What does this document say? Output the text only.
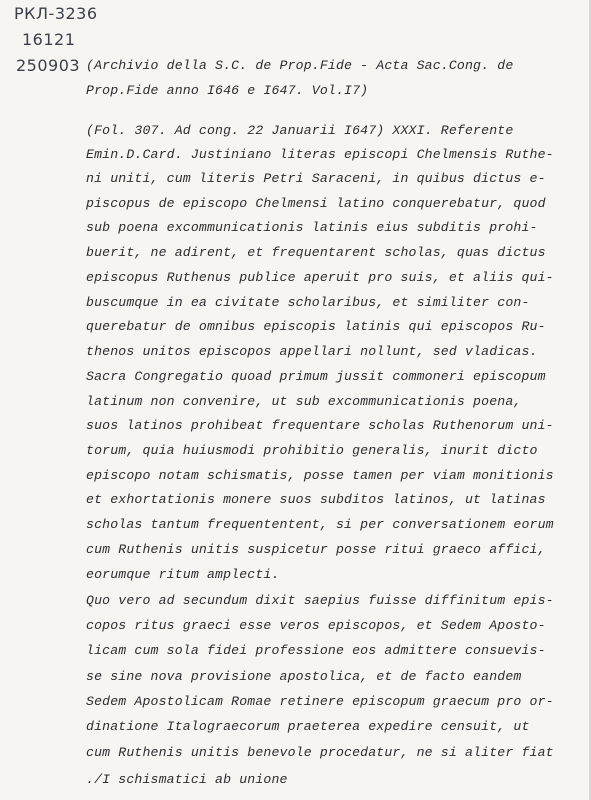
РКЛ-3236
16121
250903 (Archivio della S.C. de Prop.Fide - Acta Sac.Cong. de
Prop.Fide anno I646 e I647. Vol.I7)
(Fol. 307. Ad cong. 22 Januarii I647) XXXI. Referente
Emin.D.Card. Justiniano literas episcopi Chelmensis Ruthe-
ni uniti, cum literis Petri Saraceni, in quibus dictus e-
piscopus de episcopo Chelmensi latino conquerebatur, quod
sub poena excommunicationis latinis eius subditis prohi-
buerit, ne adirent, et frequentarent scholas, quas dictus
episcopus Ruthenus publice aperuit pro suis, et aliis qui-
buscumque in ea civitate scholaribus, et similiter con-
querebatur de omnibus episcopis latinis qui episcopos Ru-
thenos unitos episcopos appellari nollunt, sed vladicas.
Sacra Congregatio quoad primum jussit commoneri episcopum
latinum non convenire, ut sub excommunicationis poena,
suos latinos prohibeat frequentare scholas Ruthenorum uni-
torum, quia huiusmodi prohibitio generalis, inurit dicto
episcopo notam schismatis, posse tamen per viam monitionis
et exhortationis monere suos subditos latinos, ut latinas
scholas tantum frequententent, si per conversationem eorum
cum Ruthenis unitis suspicetur posse ritui graeco affici,
eorumque ritum amplecti.
Quo vero ad secundum dixit saepius fuisse diffinitum epis-
copos ritus graeci esse veros episcopos, et Sedem Aposto-
licam cum sola fidei professione eos admittere consuevis-
se sine nova provisione apostolica, et de facto eandem
Sedem Apostolicam Romae retinere episcopum graecum pro or-
dinatione Italograecorum praeterea expedire censuit, ut
cum Ruthenis unitis benevole procedatur, ne si aliter fiat
./I schismatici ab unione
